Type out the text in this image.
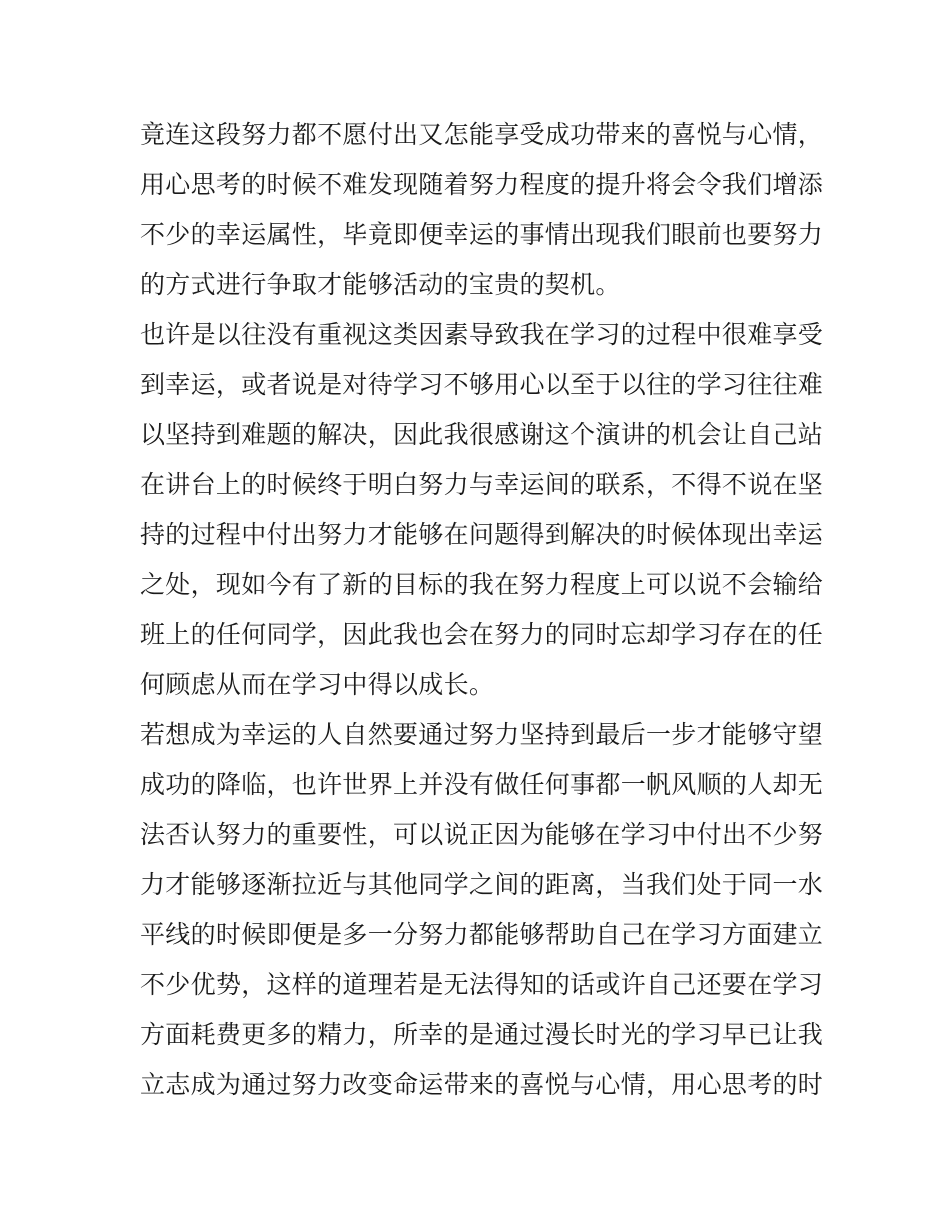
竟连这段努力都不愿付出又怎能享受成功带来的喜悦与心情，
用心思考的时候不难发现随着努力程度的提升将会令我们增添
不少的幸运属性，毕竟即便幸运的事情出现我们眼前也要努力
的方式进行争取才能够活动的宝贵的契机。
也许是以往没有重视这类因素导致我在学习的过程中很难享受
到幸运，或者说是对待学习不够用心以至于以往的学习往往难
以坚持到难题的解决，因此我很感谢这个演讲的机会让自己站
在讲台上的时候终于明白努力与幸运间的联系，不得不说在坚
持的过程中付出努力才能够在问题得到解决的时候体现出幸运
之处，现如今有了新的目标的我在努力程度上可以说不会输给
班上的任何同学，因此我也会在努力的同时忘却学习存在的任
何顾虑从而在学习中得以成长。
若想成为幸运的人自然要通过努力坚持到最后一步才能够守望
成功的降临，也许世界上并没有做任何事都一帆风顺的人却无
法否认努力的重要性，可以说正因为能够在学习中付出不少努
力才能够逐渐拉近与其他同学之间的距离，当我们处于同一水
平线的时候即便是多一分努力都能够帮助自己在学习方面建立
不少优势，这样的道理若是无法得知的话或许自己还要在学习
方面耗费更多的精力，所幸的是通过漫长时光的学习早已让我
立志成为通过努力改变命运带来的喜悦与心情，用心思考的时
